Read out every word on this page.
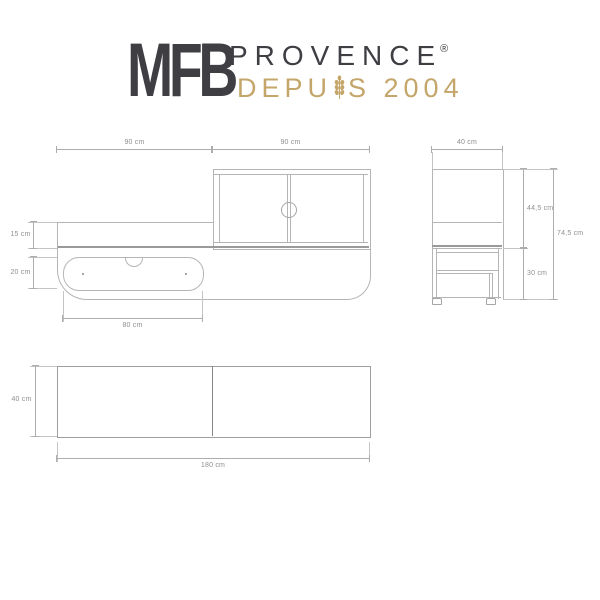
MFB
PROVENCE®
DEPU S 2004
90 cm	90 cm
15 cm
20 cm
80 cm
40 cm
44,5 cm
30 cm
74,5 cm
40 cm
180 cm
